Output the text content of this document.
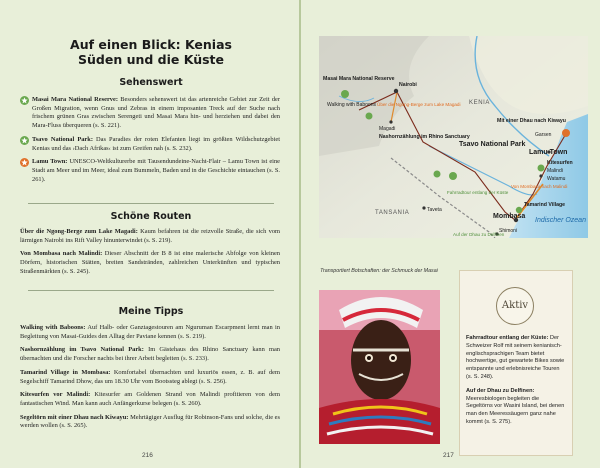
Auf einen Blick: Kenias
Süden und die Küste
Sehenswert
Masai Mara National Reserve: Besonders sehenswert ist das artenreiche Gebiet zur Zeit der Großen Migration, wenn Gnus und Zebras in einem imposanten Treck auf der Suche nach frischem grünen Gras zwischen Serengeti und Masai Mara hin- und herziehen und dabei den Mara-Fluss überqueren (s. S. 221).
Tsavo National Park: Das Paradies der roten Elefanten liegt im größten Wildschutzgebiet Kenias und das ›Dach Afrikas‹ ist zum Greifen nah (s. S. 232).
Lamu Town: UNESCO-Weltkulturerbe mit Tausendundeine-Nacht-Flair – Lamu Town ist eine Stadt am Meer und im Meer, ideal zum Bummeln, Baden und in die Geschichte eintauchen (s. S. 261).
Schöne Routen

Über die Ngong-Berge zum Lake Magadi: Kaum befahren ist die reizvolle Straße, die sich vom lärmigen Nairobi ins Rift Valley hinunterwindet (s. S. 219).

Von Mombasa nach Malindi: Dieser Abschnitt der B 8 ist eine malerische Abfolge von kleinen Dörfern, historischen Stätten, breiten Sandstränden, zahlreichen Unterkünften und typischen Straßenmärkten (s. S. 245).

Meine Tipps

Walking with Baboons: Auf Halb- oder Ganztagestouren am Nguruman Escarpment lernt man in Begleitung von Masai-Guides den Alltag der Paviane kennen (s. S. 219).

Nashornzählung im Tsavo National Park: Im Gästehaus des Rhino Sanctuary kann man übernachten und die Forscher nachts bei ihrer Arbeit begleiten (s. S. 233).

Tamarind Village in Mombasa: Komfortabel übernachten und luxuriös essen, z. B. auf dem Segelschiff Tamarind Dhow, das um 18.30 Uhr vom Bootssteg ablegt (s. S. 256).

Kitesurfen vor Malindi: Kitesurfer am Goldenen Strand von Malindi profitieren von dem fantastischen Wind. Man kann auch Anfängerkurse belegen (s. S. 260).

Segeltörn mit einer Dhau nach Kiwayu: Mehrtägiger Ausflug für Robinson-Fans und solche, die es werden wollen (s. S. 265).

216
Masai Mara National Reserve
Nairobi
Walking with Baboons Über die Ngong-Berge zum Lake Magadi
Magadi
KENIA
Mit einer Dhau nach Kiwayu
Garsen
Lamu Town
Nashornzählung im Rhino Sanctuary
Tsavo National Park
Kitesurfen
Malindi
Watamu
Taveta
Fahrradtour entlang der Küste
Von Mombasa nach Malindi
Tamarind Village
Mombasa
TANSANIA
Shimoni
Auf der Dhau zu Delfinen
Indischer Ozean
Transportiert Botschaften: der Schmuck der Masai
Aktiv

Fahrradtour entlang der Küste: Der Schweizer Rolf mit seinem kenianisch-englischsprachigen Team bietet hochwertige, gut gewartete Bikes sowie entspannte und erlebnisreiche Touren (s. S. 248).

Auf der Dhau zu Delfinen: Meeresbiologen begleiten die Segeltörns vor Wasini Island, bei denen man den Meeressäugern ganz nahe kommt (s. S. 275).

217
